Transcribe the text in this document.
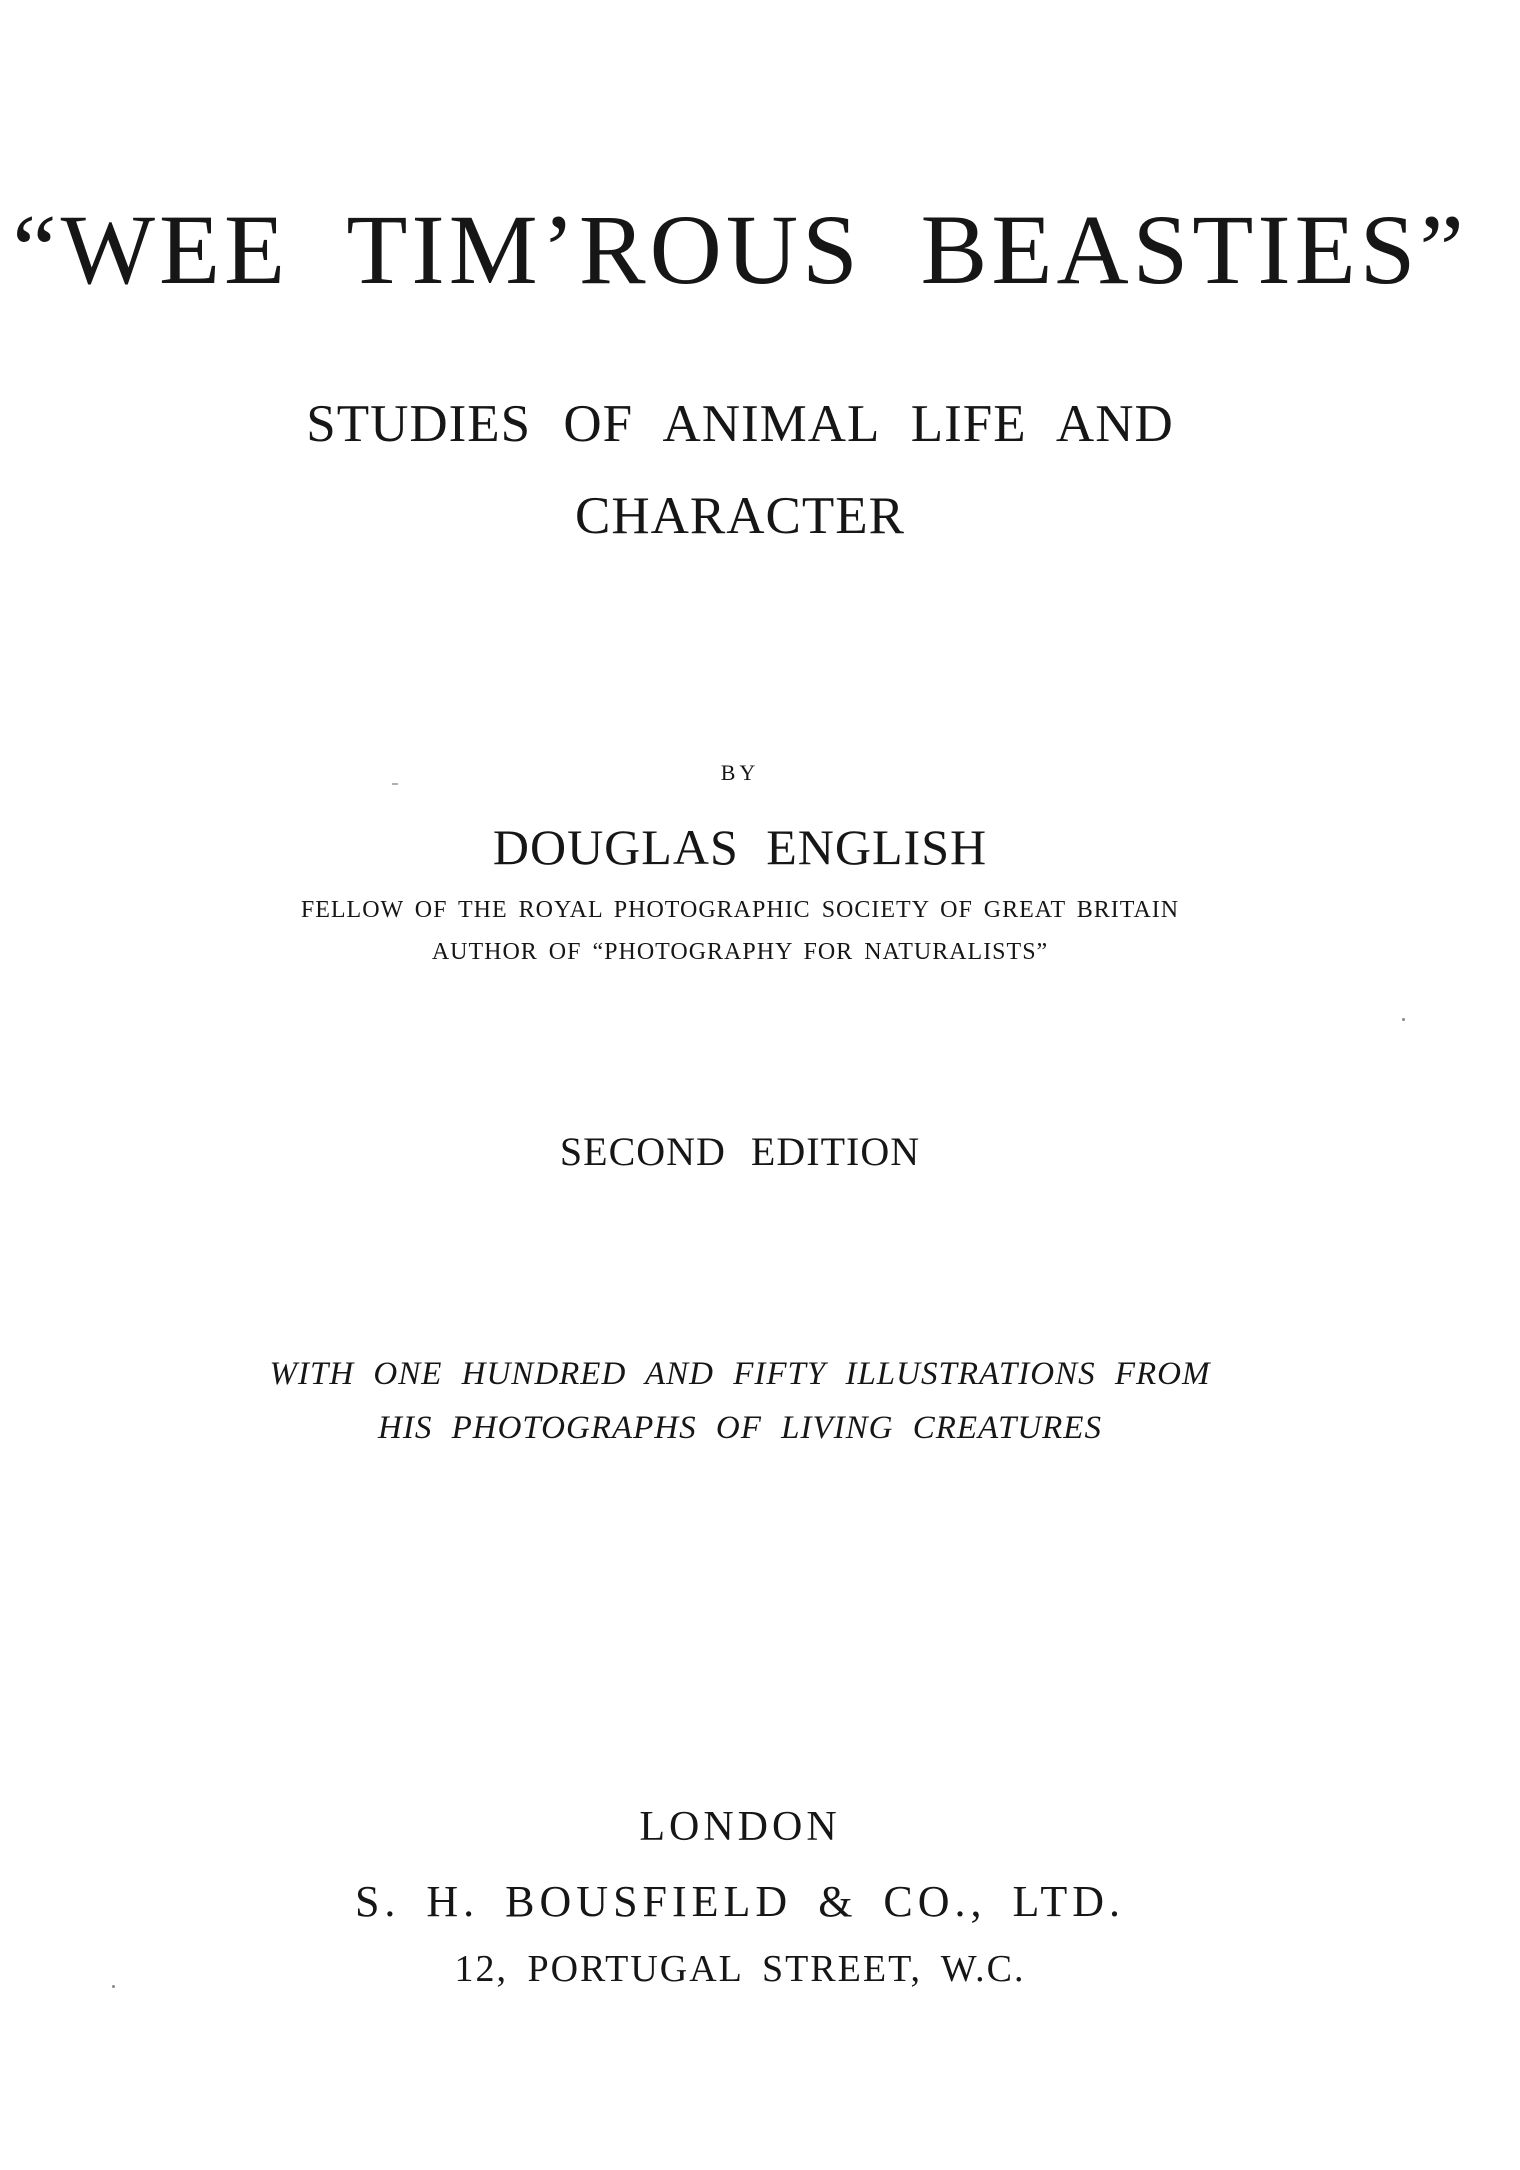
“WEE TIM’ROUS BEASTIES”
STUDIES OF ANIMAL LIFE AND
CHARACTER
BY
DOUGLAS ENGLISH
FELLOW OF THE ROYAL PHOTOGRAPHIC SOCIETY OF GREAT BRITAIN
AUTHOR OF “PHOTOGRAPHY FOR NATURALISTS”
SECOND EDITION
WITH ONE HUNDRED AND FIFTY ILLUSTRATIONS FROM
HIS PHOTOGRAPHS OF LIVING CREATURES
LONDON
S. H. BOUSFIELD & CO., LTD.
12, PORTUGAL STREET, W.C.
